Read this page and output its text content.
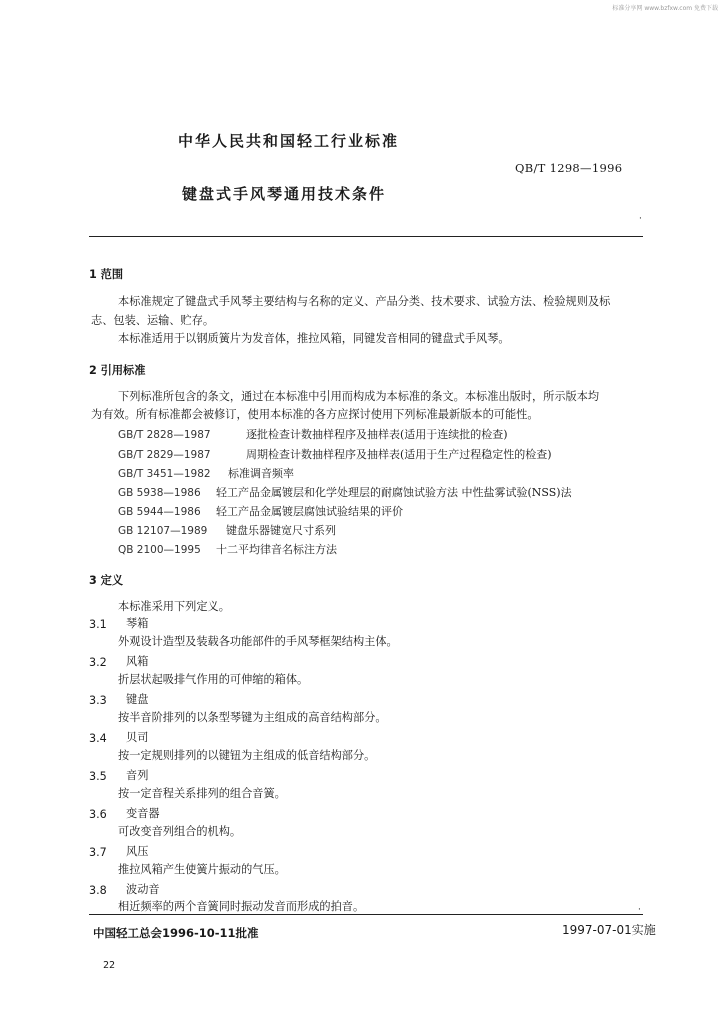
标准分享网 www.bzfxw.com 免费下载
中华人民共和国轻工行业标准
QB/T 1298—1996
键盘式手风琴通用技术条件
·
1 范围
本标准规定了键盘式手风琴主要结构与名称的定义、产品分类、技术要求、试验方法、检验规则及标
志、包装、运输、贮存。
本标准适用于以钢质簧片为发音体，推拉风箱，同键发音相同的键盘式手风琴。
2 引用标准
下列标准所包含的条文，通过在本标准中引用而构成为本标准的条文。本标准出版时，所示版本均
为有效。所有标准都会被修订，使用本标准的各方应探讨使用下列标准最新版本的可能性。
GB/T 2828—1987	逐批检查计数抽样程序及抽样表(适用于连续批的检查)
GB/T 2829—1987	周期检查计数抽样程序及抽样表(适用于生产过程稳定性的检查)
GB/T 3451—1982 标准调音频率
GB 5938—1986 轻工产品金属镀层和化学处理层的耐腐蚀试验方法 中性盐雾试验(NSS)法
GB 5944—1986 轻工产品金属镀层腐蚀试验结果的评价
GB 12107—1989 键盘乐器键宽尺寸系列
QB 2100—1995 十二平均律音名标注方法
3 定义
本标准采用下列定义。
3.1 琴箱
外观设计造型及装载各功能部件的手风琴框架结构主体。
3.2 风箱
折层状起吸排气作用的可伸缩的箱体。
3.3 键盘
按半音阶排列的以条型琴键为主组成的高音结构部分。
3.4 贝司
按一定规则排列的以键钮为主组成的低音结构部分。
3.5 音列
按一定音程关系排列的组合音簧。
3.6 变音器
可改变音列组合的机构。
3.7 风压
推拉风箱产生使簧片振动的气压。
3.8 波动音
相近频率的两个音簧同时振动发音而形成的拍音。	·
中国轻工总会1996-10-11批准	1997-07-01实施
22
